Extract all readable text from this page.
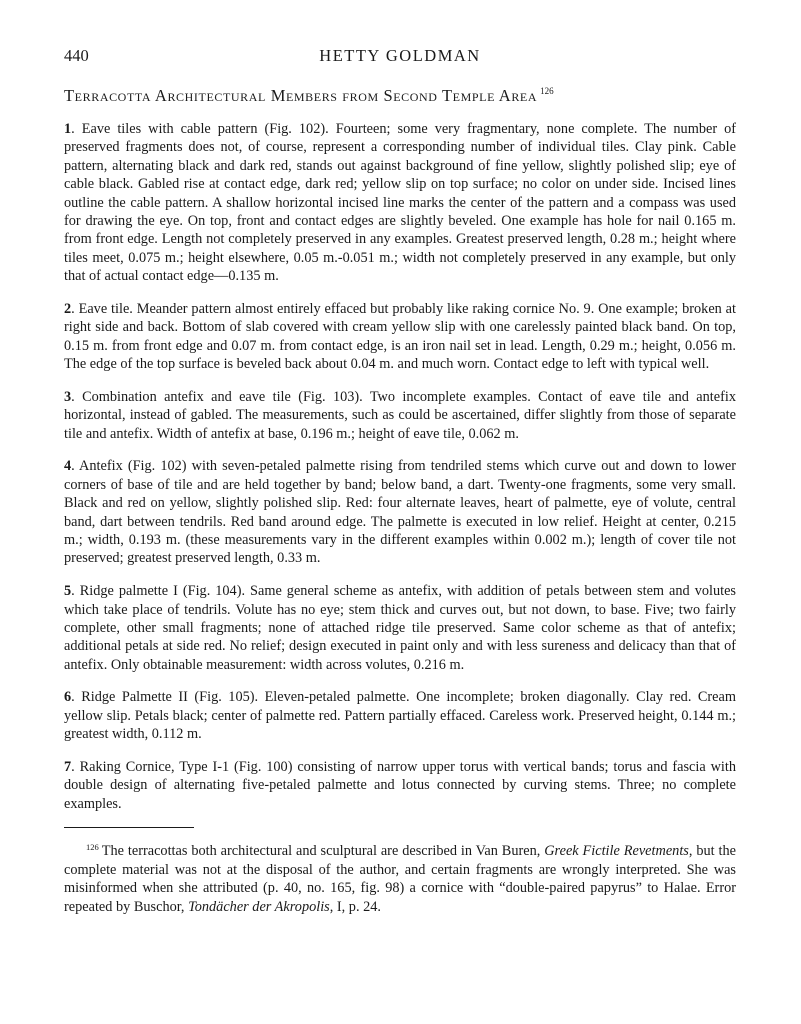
440	HETTY GOLDMAN
Terracotta Architectural Members from Second Temple Area $^{126}$

1. Eave tiles with cable pattern (Fig. 102). Fourteen; some very fragmentary, none complete. The number of preserved fragments does not, of course, represent a corresponding number of individual tiles. Clay pink. Cable pattern, alternating black and dark red, stands out against background of fine yellow, slightly polished slip; eye of cable black. Gabled rise at contact edge, dark red; yellow slip on top surface; no color on under side. Incised lines outline the cable pattern. A shallow horizontal incised line marks the center of the pattern and a compass was used for drawing the eye. On top, front and contact edges are slightly beveled. One example has hole for nail 0.165 m. from front edge. Length not completely preserved in any examples. Greatest preserved length, 0.28 m.; height where tiles meet, 0.075 m.; height elsewhere, 0.05 m.-0.051 m.; width not completely preserved in any example, but only that of actual contact edge—0.135 m.

2. Eave tile. Meander pattern almost entirely effaced but probably like raking cornice No. 9. One example; broken at right side and back. Bottom of slab covered with cream yellow slip with one carelessly painted black band. On top, 0.15 m. from front edge and 0.07 m. from contact edge, is an iron nail set in lead. Length, 0.29 m.; height, 0.056 m. The edge of the top surface is beveled back about 0.04 m. and much worn. Contact edge to left with typical well.

3. Combination antefix and eave tile (Fig. 103). Two incomplete examples. Contact of eave tile and antefix horizontal, instead of gabled. The measurements, such as could be ascertained, differ slightly from those of separate tile and antefix. Width of antefix at base, 0.196 m.; height of eave tile, 0.062 m.

4. Antefix (Fig. 102) with seven-petaled palmette rising from tendriled stems which curve out and down to lower corners of base of tile and are held together by band; below band, a dart. Twenty-one fragments, some very small. Black and red on yellow, slightly polished slip. Red: four alternate leaves, heart of palmette, eye of volute, central band, dart between tendrils. Red band around edge. The palmette is executed in low relief. Height at center, 0.215 m.; width, 0.193 m. (these measurements vary in the different examples within 0.002 m.); length of cover tile not preserved; greatest preserved length, 0.33 m.

5. Ridge palmette I (Fig. 104). Same general scheme as antefix, with addition of petals between stem and volutes which take place of tendrils. Volute has no eye; stem thick and curves out, but not down, to base. Five; two fairly complete, other small fragments; none of attached ridge tile preserved. Same color scheme as that of antefix; additional petals at side red. No relief; design executed in paint only and with less sureness and delicacy than that of antefix. Only obtainable measurement: width across volutes, 0.216 m.

6. Ridge Palmette II (Fig. 105). Eleven-petaled palmette. One incomplete; broken diagonally. Clay red. Cream yellow slip. Petals black; center of palmette red. Pattern partially effaced. Careless work. Preserved height, 0.144 m.; greatest width, 0.112 m.

7. Raking Cornice, Type I-1 (Fig. 100) consisting of narrow upper torus with vertical bands; torus and fascia with double design of alternating five-petaled palmette and lotus connected by curving stems. Three; no complete examples.

$^{126}$ The terracottas both architectural and sculptural are described in Van Buren, Greek Fictile Revetments, but the complete material was not at the disposal of the author, and certain fragments are wrongly interpreted. She was misinformed when she attributed (p. 40, no. 165, fig. 98) a cornice with “double-paired papyrus” to Halae. Error repeated by Buschor, Tondächer der Akropolis, I, p. 24.
